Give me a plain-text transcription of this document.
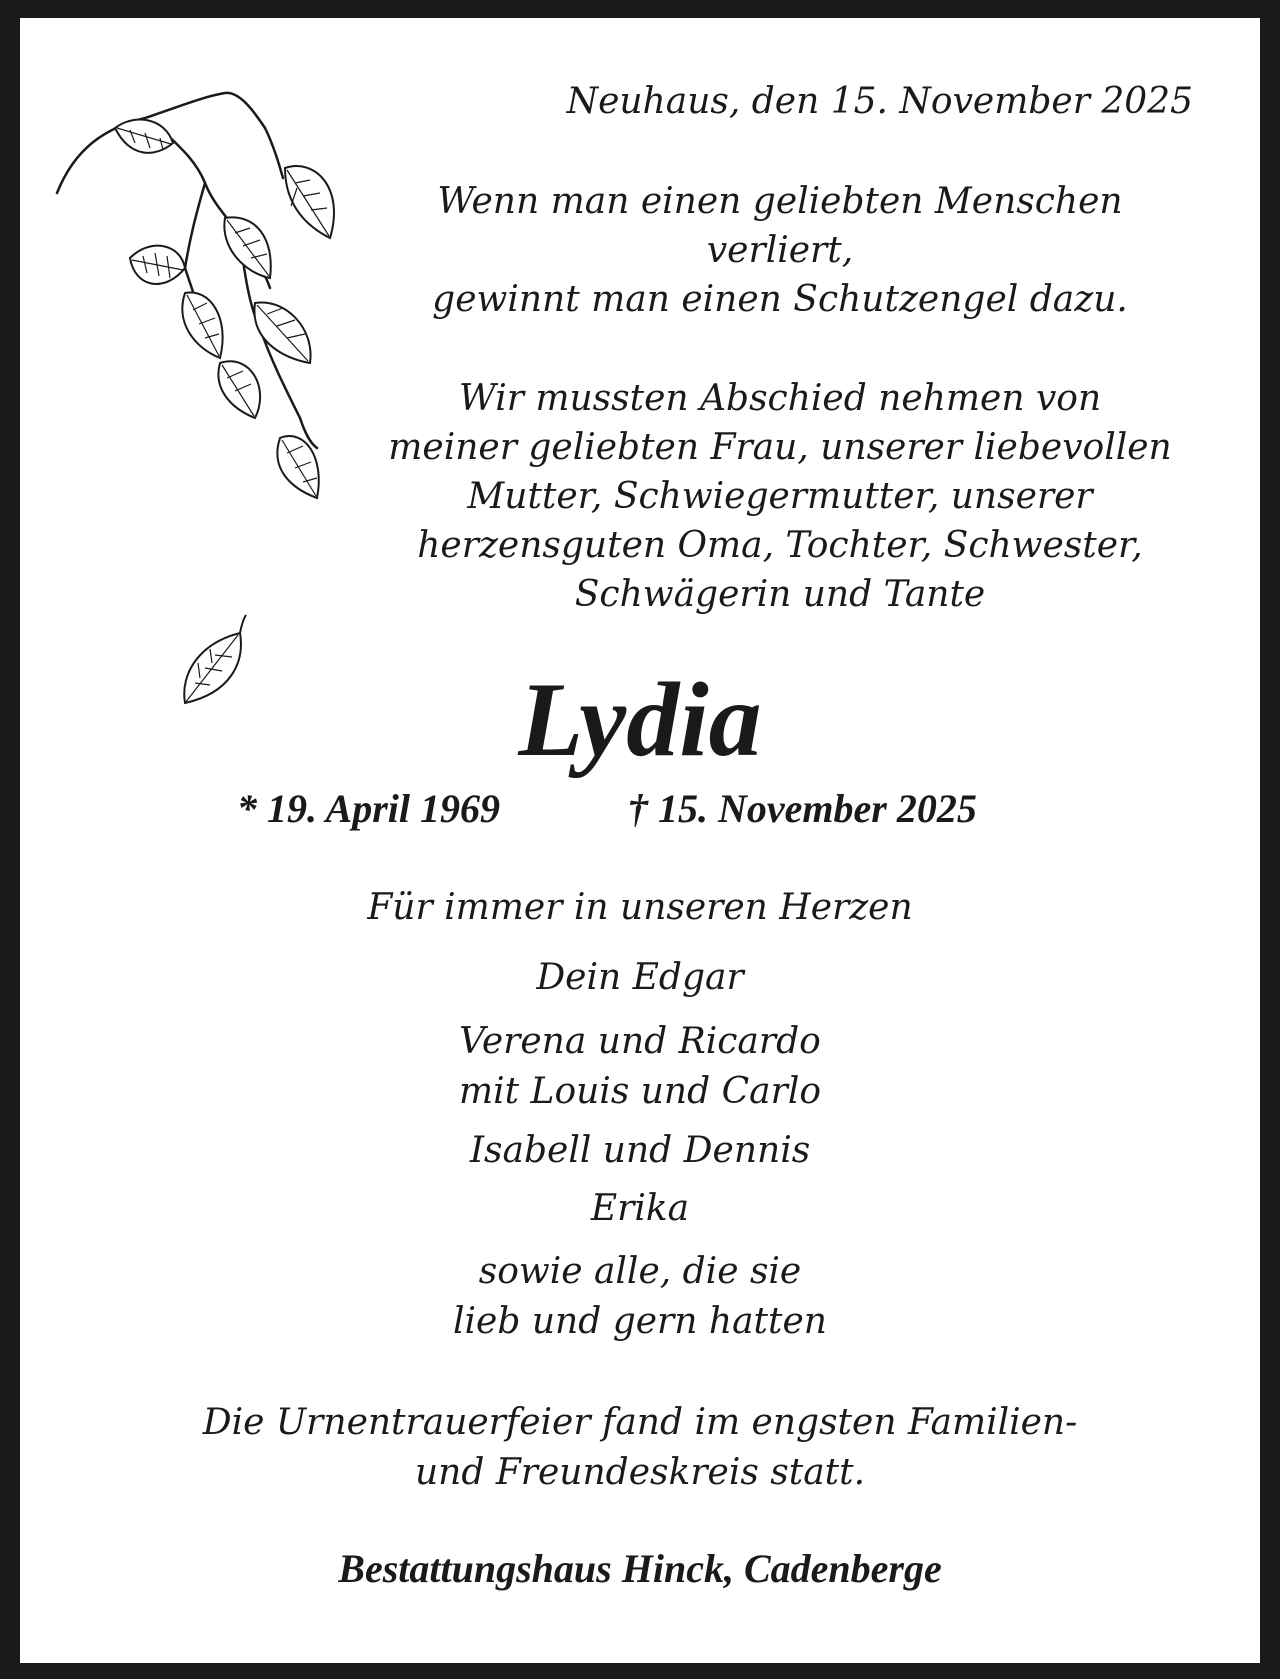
Neuhaus, den 15. November 2025
Wenn man einen geliebten Menschen
verliert,
gewinnt man einen Schutzengel dazu.
Wir mussten Abschied nehmen von
meiner geliebten Frau, unserer liebevollen
Mutter, Schwiegermutter, unserer
herzensguten Oma, Tochter, Schwester,
Schwägerin und Tante
Lydia
* 19. April 1969	† 15. November 2025
Für immer in unseren Herzen
Dein Edgar
Verena und Ricardo
mit Louis und Carlo
Isabell und Dennis
Erika
sowie alle, die sie
lieb und gern hatten
Die Urnentrauerfeier fand im engsten Familien-
und Freundeskreis statt.
Bestattungshaus Hinck, Cadenberge
